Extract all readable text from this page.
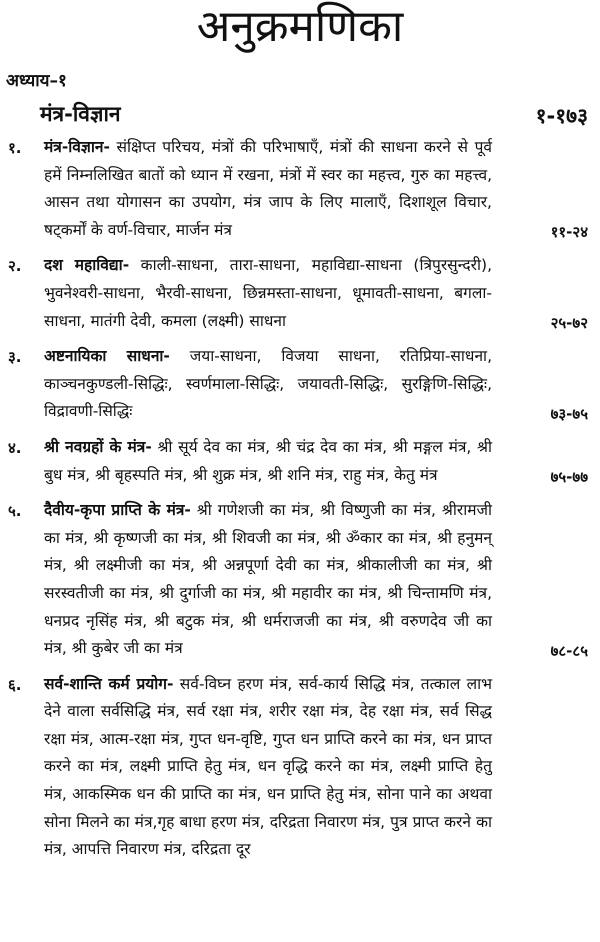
अनुक्रमणिका
अध्याय–१
मंत्र-विज्ञान	१-१७३
१. मंत्र-विज्ञान- संक्षिप्त परिचय, मंत्रों की परिभाषाएँ, मंत्रों की साधना करने से पूर्व हमें निम्नलिखित बातों को ध्यान में रखना, मंत्रों में स्वर का महत्त्व, गुरु का महत्त्व, आसन तथा योगासन का उपयोग, मंत्र जाप के लिए मालाएँ, दिशाशूल विचार, षट्कर्मों के वर्ण-विचार, मार्जन मंत्र	११-२४
२. दश महाविद्या- काली-साधना, तारा-साधना, महाविद्या-साधना (त्रिपुरसुन्दरी), भुवनेश्वरी-साधना, भैरवी-साधना, छिन्नमस्ता-साधना, धूमावती-साधना, बगला-साधना, मातंगी देवी, कमला (लक्ष्मी) साधना	२५-७२
३. अष्टनायिका साधना- जया-साधना, विजया साधना, रतिप्रिया-साधना, काञ्चनकुण्डली-सिद्धिः, स्वर्णमाला-सिद्धिः, जयावती-सिद्धिः, सुरङ्गिणि-सिद्धिः, विद्रावणी-सिद्धिः	७३-७५
४. श्री नवग्रहों के मंत्र- श्री सूर्य देव का मंत्र, श्री चंद्र देव का मंत्र, श्री मङ्गल मंत्र, श्री बुध मंत्र, श्री बृहस्पति मंत्र, श्री शुक्र मंत्र, श्री शनि मंत्र, राहु मंत्र, केतु मंत्र	७५-७७
५. दैवीय-कृपा प्राप्ति के मंत्र- श्री गणेशजी का मंत्र, श्री विष्णुजी का मंत्र, श्रीरामजी का मंत्र, श्री कृष्णजी का मंत्र, श्री शिवजी का मंत्र, श्री ॐकार का मंत्र, श्री हनुमन् मंत्र, श्री लक्ष्मीजी का मंत्र, श्री अन्नपूर्णा देवी का मंत्र, श्रीकालीजी का मंत्र, श्री सरस्वतीजी का मंत्र, श्री दुर्गाजी का मंत्र, श्री महावीर का मंत्र, श्री चिन्तामणि मंत्र, धनप्रद नृसिंह मंत्र, श्री बटुक मंत्र, श्री धर्मराजजी का मंत्र, श्री वरुणदेव जी का मंत्र, श्री कुबेर जी का मंत्र	७८-८५
६. सर्व-शान्ति कर्म प्रयोग- सर्व-विघ्न हरण मंत्र, सर्व-कार्य सिद्धि मंत्र, तत्काल लाभ देने वाला सर्वसिद्धि मंत्र, सर्व रक्षा मंत्र, शरीर रक्षा मंत्र, देह रक्षा मंत्र, सर्व सिद्ध रक्षा मंत्र, आत्म-रक्षा मंत्र, गुप्त धन-वृष्टि, गुप्त धन प्राप्ति करने का मंत्र, धन प्राप्त करने का मंत्र, लक्ष्मी प्राप्ति हेतु मंत्र, धन वृद्धि करने का मंत्र, लक्ष्मी प्राप्ति हेतु मंत्र, आकस्मिक धन की प्राप्ति का मंत्र, धन प्राप्ति हेतु मंत्र, सोना पाने का अथवा सोना मिलने का मंत्र,गृह बाधा हरण मंत्र, दरिद्रता निवारण मंत्र, पुत्र प्राप्त करने का मंत्र, आपत्ति निवारण मंत्र, दरिद्रता दूर
